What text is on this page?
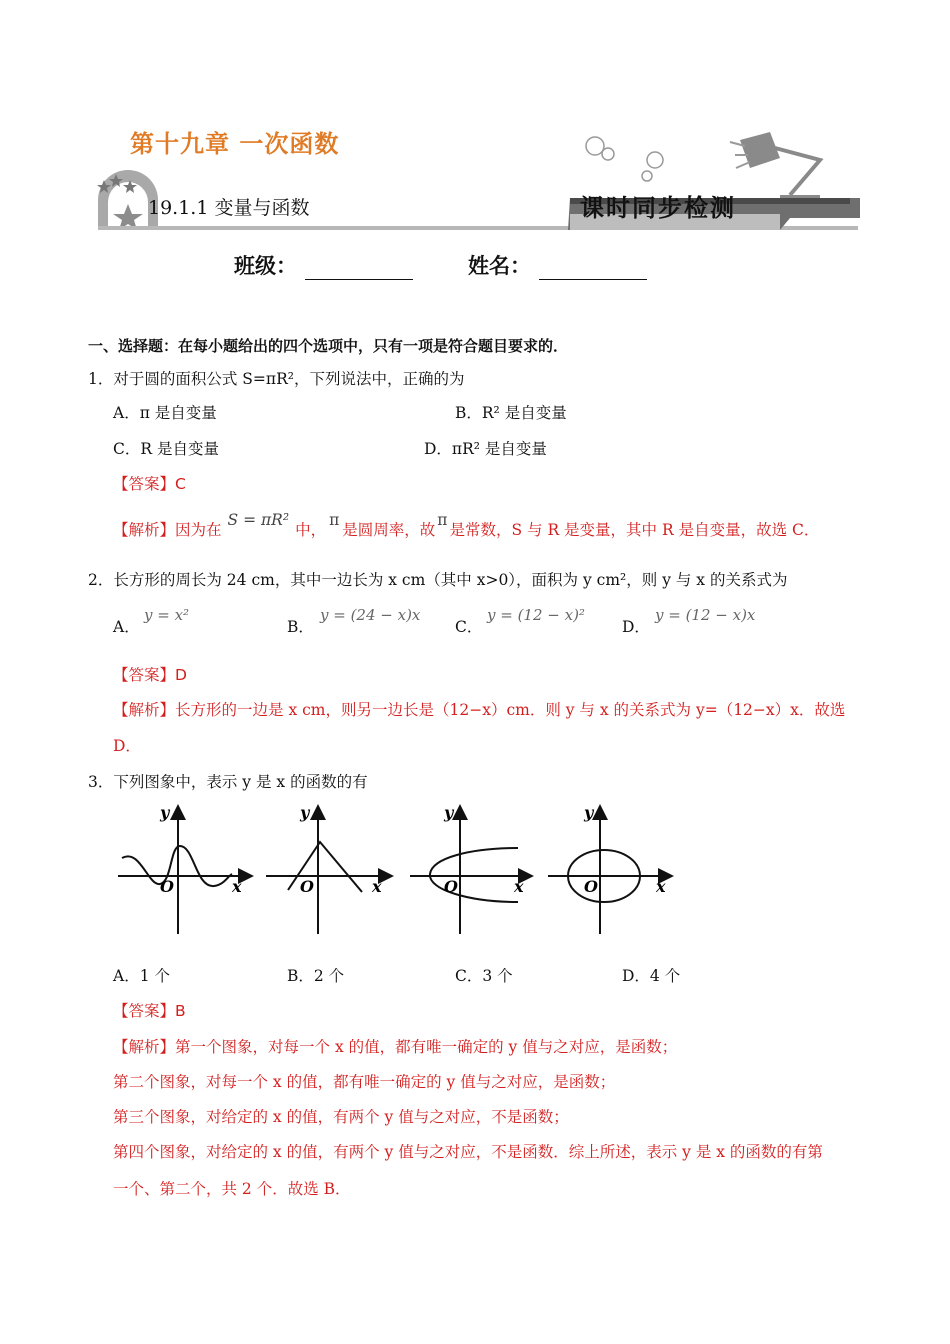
第十九章 一次函数
19.1.1 变量与函数	课时同步检测
班级：	姓名：
一、选择题：在每小题给出的四个选项中，只有一项是符合题目要求的．
1．对于圆的面积公式 S=πR²，下列说法中，正确的为
A．π 是自变量	B．R² 是自变量
C．R 是自变量	D．πR² 是自变量
【答案】C
【解析】因为在S = πR²中，π是圆周率，故π是常数，S 与 R 是变量，其中 R 是自变量，故选 C．
2．长方形的周长为 24 cm，其中一边长为 x cm（其中 x>0），面积为 y cm²，则 y 与 x 的关系式为
A．
y = x²
B．
y = (24 − x)x
C．
y = (12 − x)²
D．
y = (12 − x)x
【答案】D
【解析】长方形的一边是 x cm，则另一边长是（12−x）cm．则 y 与 x 的关系式为 y=（12−x）x．故选
D．
3．下列图象中，表示 y 是 x 的函数的有
y
O	x
y
O	x
y
O	x
y
O	x
A．1 个	B．2 个	C．3 个	D．4 个
【答案】B
【解析】第一个图象，对每一个 x 的值，都有唯一确定的 y 值与之对应，是函数；
第二个图象，对每一个 x 的值，都有唯一确定的 y 值与之对应，是函数；
第三个图象，对给定的 x 的值，有两个 y 值与之对应，不是函数；
第四个图象，对给定的 x 的值，有两个 y 值与之对应，不是函数．综上所述，表示 y 是 x 的函数的有第
一个、第二个，共 2 个．故选 B．
